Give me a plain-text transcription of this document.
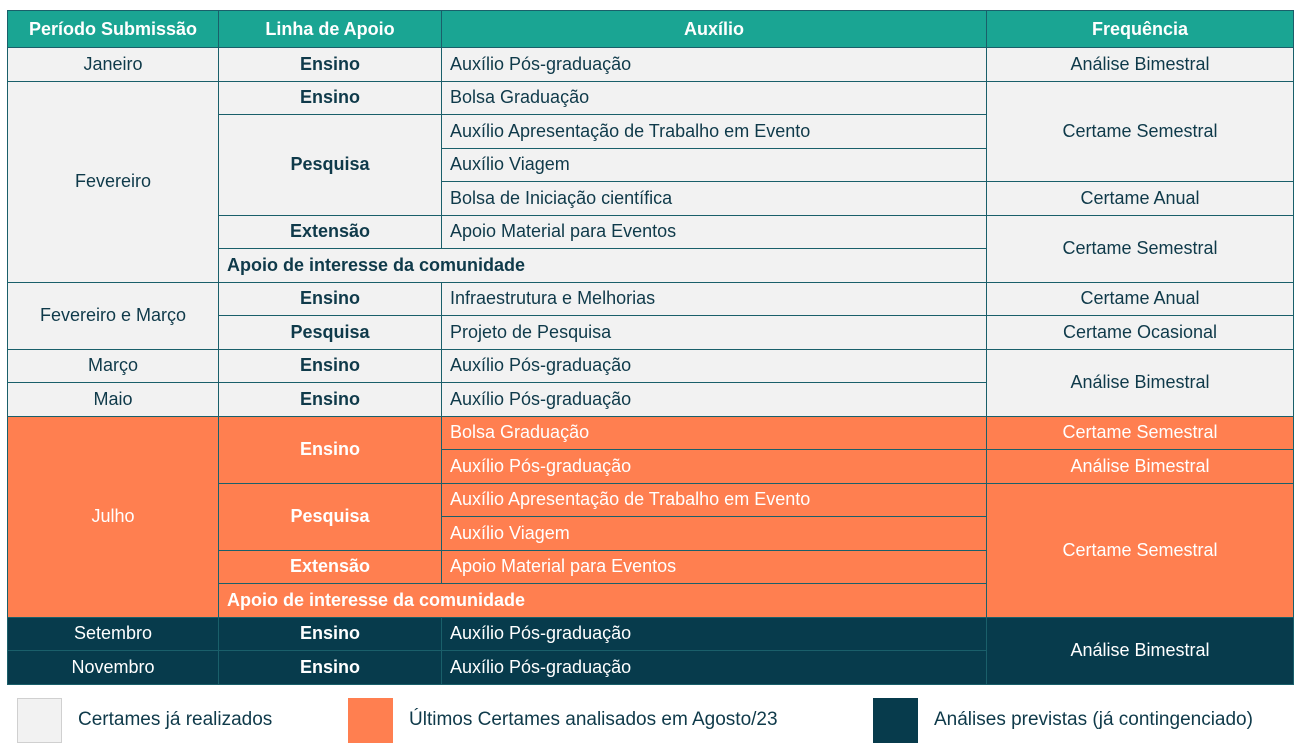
Período Submissão	Linha de Apoio	Auxílio	Frequência
Janeiro	Ensino	Auxílio Pós-graduação	Análise Bimestral
Fevereiro	Ensino	Bolsa Graduação	Certame Semestral
	Pesquisa	Auxílio Apresentação de Trabalho em Evento	
		Auxílio Viagem	
		Bolsa de Iniciação científica	Certame Anual
	Extensão	Apoio Material para Eventos	Certame Semestral
	Apoio de interesse da comunidade		
Fevereiro e Março	Ensino	Infraestrutura e Melhorias	Certame Anual
	Pesquisa	Projeto de Pesquisa	Certame Ocasional
Março	Ensino	Auxílio Pós-graduação	Análise Bimestral
Maio	Ensino	Auxílio Pós-graduação	
Julho	Ensino	Bolsa Graduação	Certame Semestral
		Auxílio Pós-graduação	Análise Bimestral
	Pesquisa	Auxílio Apresentação de Trabalho em Evento	Certame Semestral
		Auxílio Viagem	
	Extensão	Apoio Material para Eventos	
	Apoio de interesse da comunidade		
Setembro	Ensino	Auxílio Pós-graduação	Análise Bimestral
Novembro	Ensino	Auxílio Pós-graduação	
Certames já realizados	Últimos Certames analisados em Agosto/23	Análises previstas (já contingenciado)
